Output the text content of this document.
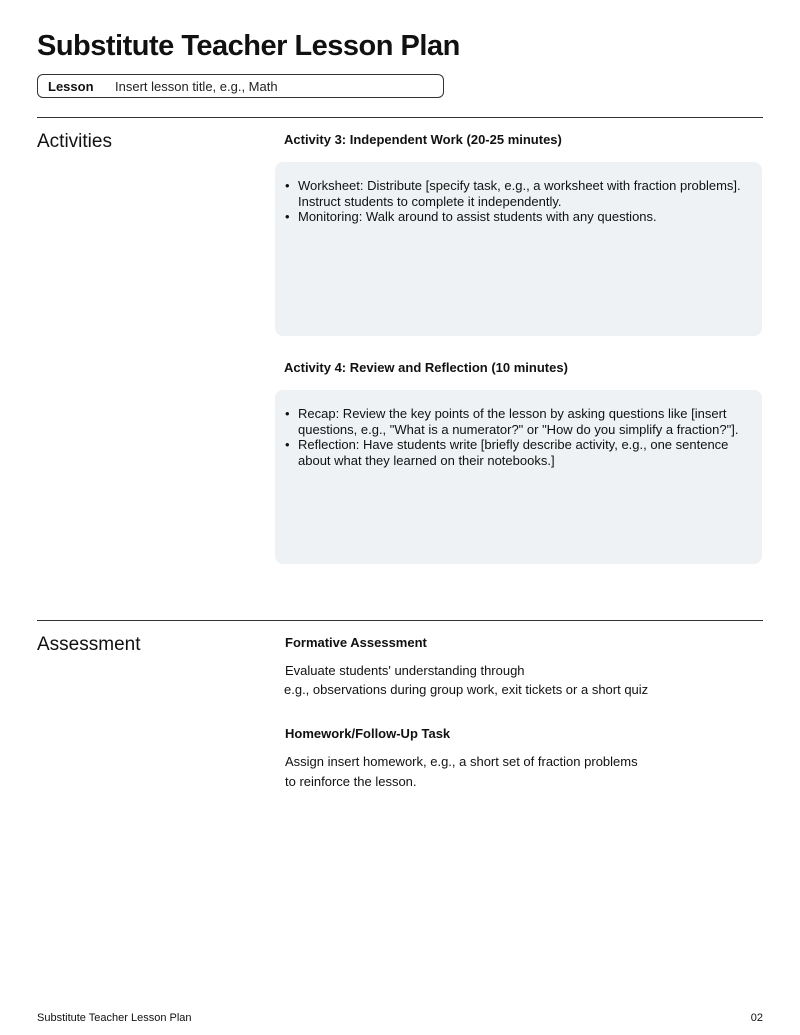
Substitute Teacher Lesson Plan
Lesson	Insert lesson title, e.g., Math
Activities	Activity 3: Independent Work (20-25 minutes)
• Worksheet: Distribute [specify task, e.g., a worksheet with fraction problems]. Instruct students to complete it independently.
• Monitoring: Walk around to assist students with any questions.
Activity 4: Review and Reflection (10 minutes)
• Recap: Review the key points of the lesson by asking questions like [insert questions, e.g., "What is a numerator?" or "How do you simplify a fraction?"].
• Reflection: Have students write [briefly describe activity, e.g., one sentence about what they learned on their notebooks.]
Assessment	Formative Assessment

Evaluate students' understanding through

e.g., observations during group work, exit tickets or a short quiz

Homework/Follow-Up Task

Assign insert homework, e.g., a short set of fraction problems

to reinforce the lesson.

Substitute Teacher Lesson Plan	02
